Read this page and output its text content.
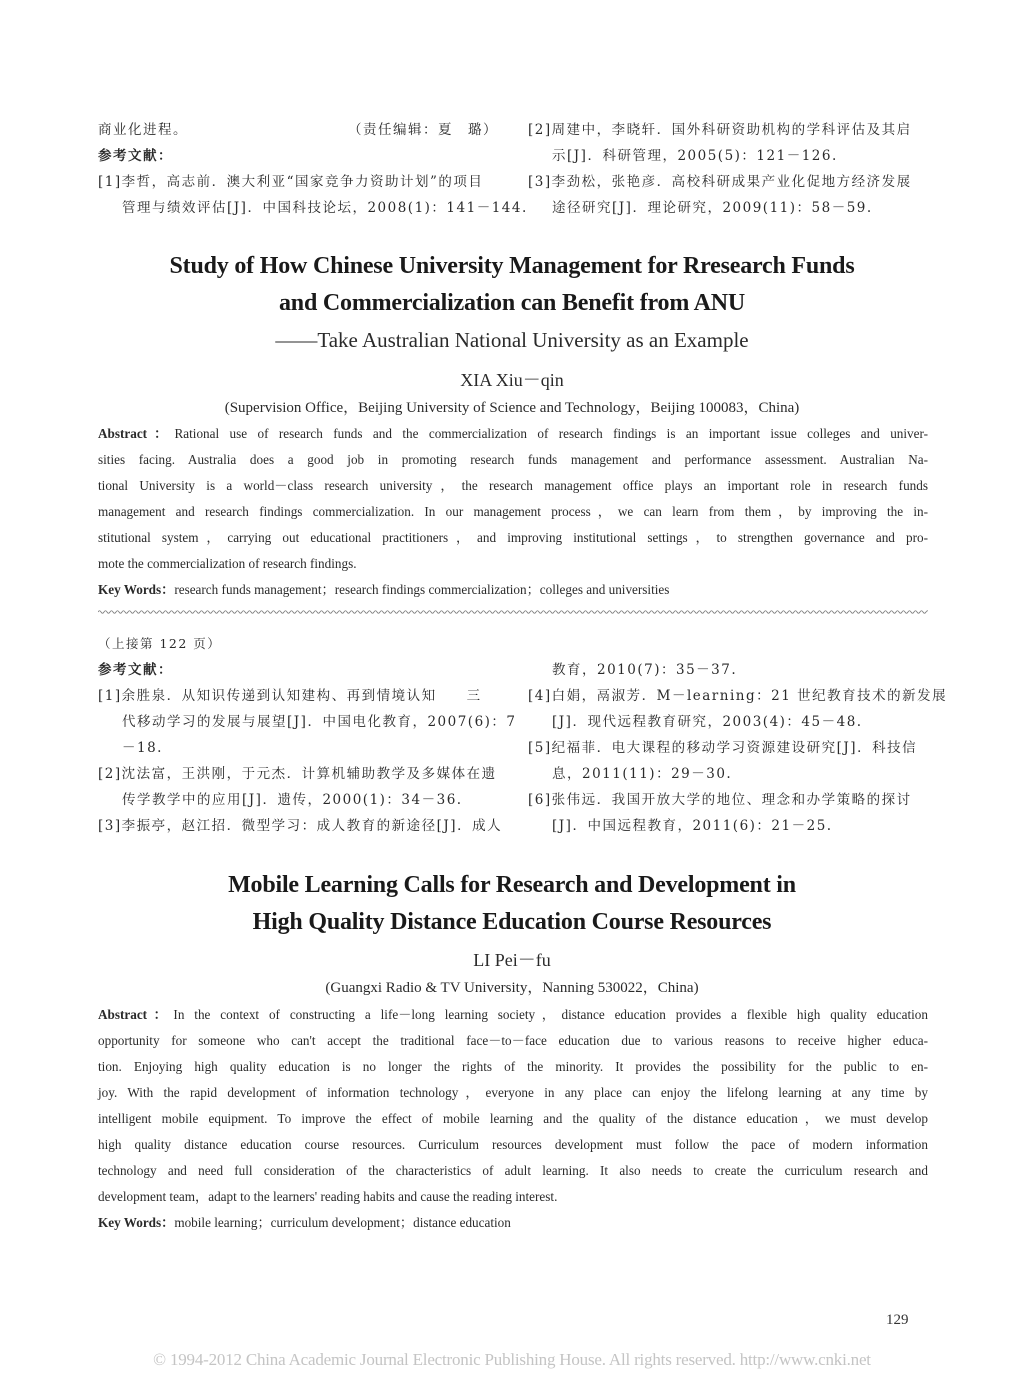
商业化进程。	（责任编辑：夏　璐）
参考文献：
[1]李哲，高志前．澳大利亚“国家竞争力资助计划”的项目
管理与绩效评估[J]．中国科技论坛，2008(1)：141－144.
[2]周建中，李晓轩．国外科研资助机构的学科评估及其启
示[J]．科研管理，2005(5)：121－126.
[3]李劲松，张艳彦．高校科研成果产业化促地方经济发展
途径研究[J]．理论研究，2009(11)：58－59.
Study of How Chinese University Management for Rresearch Funds
and Commercialization can Benefit from ANU
——Take Australian National University as an Example
XIA Xiu－qin
(Supervision Office，Beijing University of Science and Technology，Beijing 100083，China)
Abstract：Rational use of research funds and the commercialization of research findings is an important issue colleges and univer-
sities facing. Australia does a good job in promoting research funds management and performance assessment. Australian Na-
tional University is a world－class research university，the research management office plays an important role in research funds
management and research findings commercialization. In our management process，we can learn from them，by improving the in-
stitutional system，carrying out educational practitioners，and improving institutional settings，to strengthen governance and pro-
mote the commercialization of research findings.
Key Words：research funds management；research findings commercialization；colleges and universities
（上接第 122 页）
参考文献：
[1]余胜泉．从知识传递到认知建构、再到情境认知　　三
代移动学习的发展与展望[J]．中国电化教育，2007(6)：7
－18.
[2]沈法富，王洪刚，于元杰．计算机辅助教学及多媒体在遗
传学教学中的应用[J]．遗传，2000(1)：34－36.
[3]李振亭，赵江招．微型学习：成人教育的新途径[J]．成人
教育，2010(7)：35－37.
[4]白娟，鬲淑芳．M－learning：21 世纪教育技术的新发展
[J]．现代远程教育研究，2003(4)：45－48.
[5]纪福菲．电大课程的移动学习资源建设研究[J]．科技信
息，2011(11)：29－30.
[6]张伟远．我国开放大学的地位、理念和办学策略的探讨
[J]．中国远程教育，2011(6)：21－25.
Mobile Learning Calls for Research and Development in
High Quality Distance Education Course Resources
LI Pei－fu
(Guangxi Radio & TV University，Nanning 530022，China)
Abstract：In the context of constructing a life－long learning society，distance education provides a flexible high quality education
opportunity for someone who can't accept the traditional face－to－face education due to various reasons to receive higher educa-
tion. Enjoying high quality education is no longer the rights of the minority. It provides the possibility for the public to en-
joy. With the rapid development of information technology，everyone in any place can enjoy the lifelong learning at any time by
intelligent mobile equipment. To improve the effect of mobile learning and the quality of the distance education，we must develop
high quality distance education course resources. Curriculum resources development must follow the pace of modern information
technology and need full consideration of the characteristics of adult learning. It also needs to create the curriculum research and
development team，adapt to the learners' reading habits and cause the reading interest.
Key Words：mobile learning；curriculum development；distance education
129
© 1994-2012 China Academic Journal Electronic Publishing House. All rights reserved. http://www.cnki.net
